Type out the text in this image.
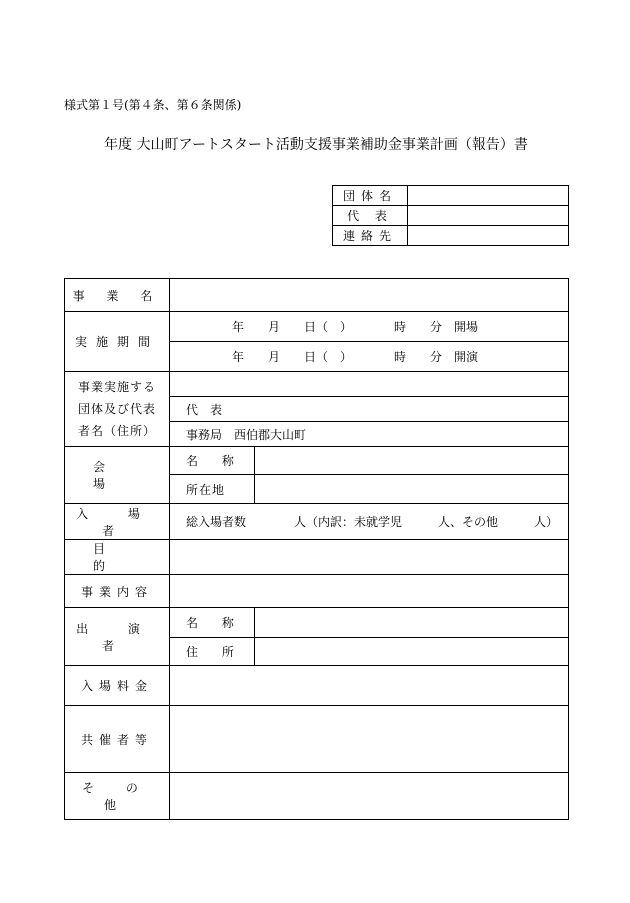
様式第１号(第４条、第６条関係)
年度 大山町アートスタート活動支援事業補助金事業計画（報告）書
団体名	
代 表	
連絡先	
事 業 名		
実施期間	年　　月　　日（　）　　　　時　　分　開場	
	年　　月　　日（　）　　　　時　　分　開演	

事業実施する
団体及び代表
者名（住所）		

	代　表	
	事務局　西伯郡大山町	
会 場	名 称	
	所在地	
入 場 者	総入場者数　　　　人（内訳：未就学児　　　人、その他　　　人）	
目 的		
事業内容		
出 演 者	名 称	
	住 所	
入場料金		
共催者等		
そ の 他		
